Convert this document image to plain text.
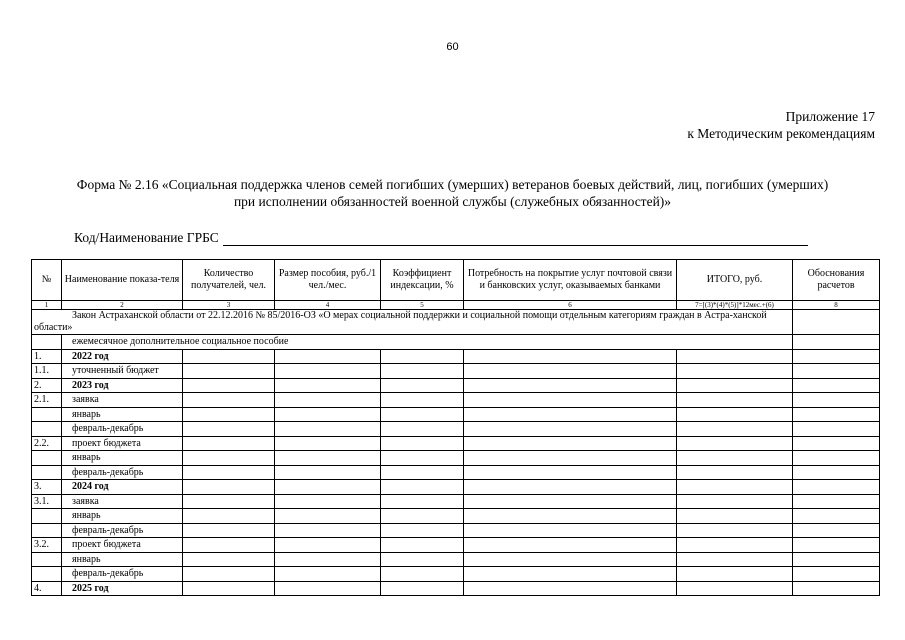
60
Приложение 17
к Методическим рекомендациям
Форма № 2.16 «Социальная поддержка членов семей погибших (умерших) ветеранов боевых действий, лиц, погибших (умерших)
при исполнении обязанностей военной службы (служебных обязанностей)»
Код/Наименование ГРБС
№	Наименование показа-теля	Количество получателей, чел.	Размер пособия, руб./1 чел./мес.	Коэффициент индексации, %	Потребность на покрытие услуг почтовой связи и банковских услуг, оказываемых банками	ИТОГО, руб.	Обоснования расчетов
1	2	3	4	5	6	7=[(3)*(4)*(5)]*12мес.+(6)	8

Закон Астраханской области от 22.12.2016 № 85/2016-ОЗ «О мерах социальной поддержки и социальной помощи отдельным категориям граждан в Астра-ханской области»							

	ежемесячное дополнительное социальное пособие						
1.	2022 год						
1.1.	уточненный бюджет						
2.	2023 год						
2.1.	заявка						
	январь						
	февраль-декабрь						
2.2.	проект бюджета						
	январь						
	февраль-декабрь						
3.	2024 год						
3.1.	заявка						
	январь						
	февраль-декабрь						
3.2.	проект бюджета						
	январь						
	февраль-декабрь						
4.	2025 год						
